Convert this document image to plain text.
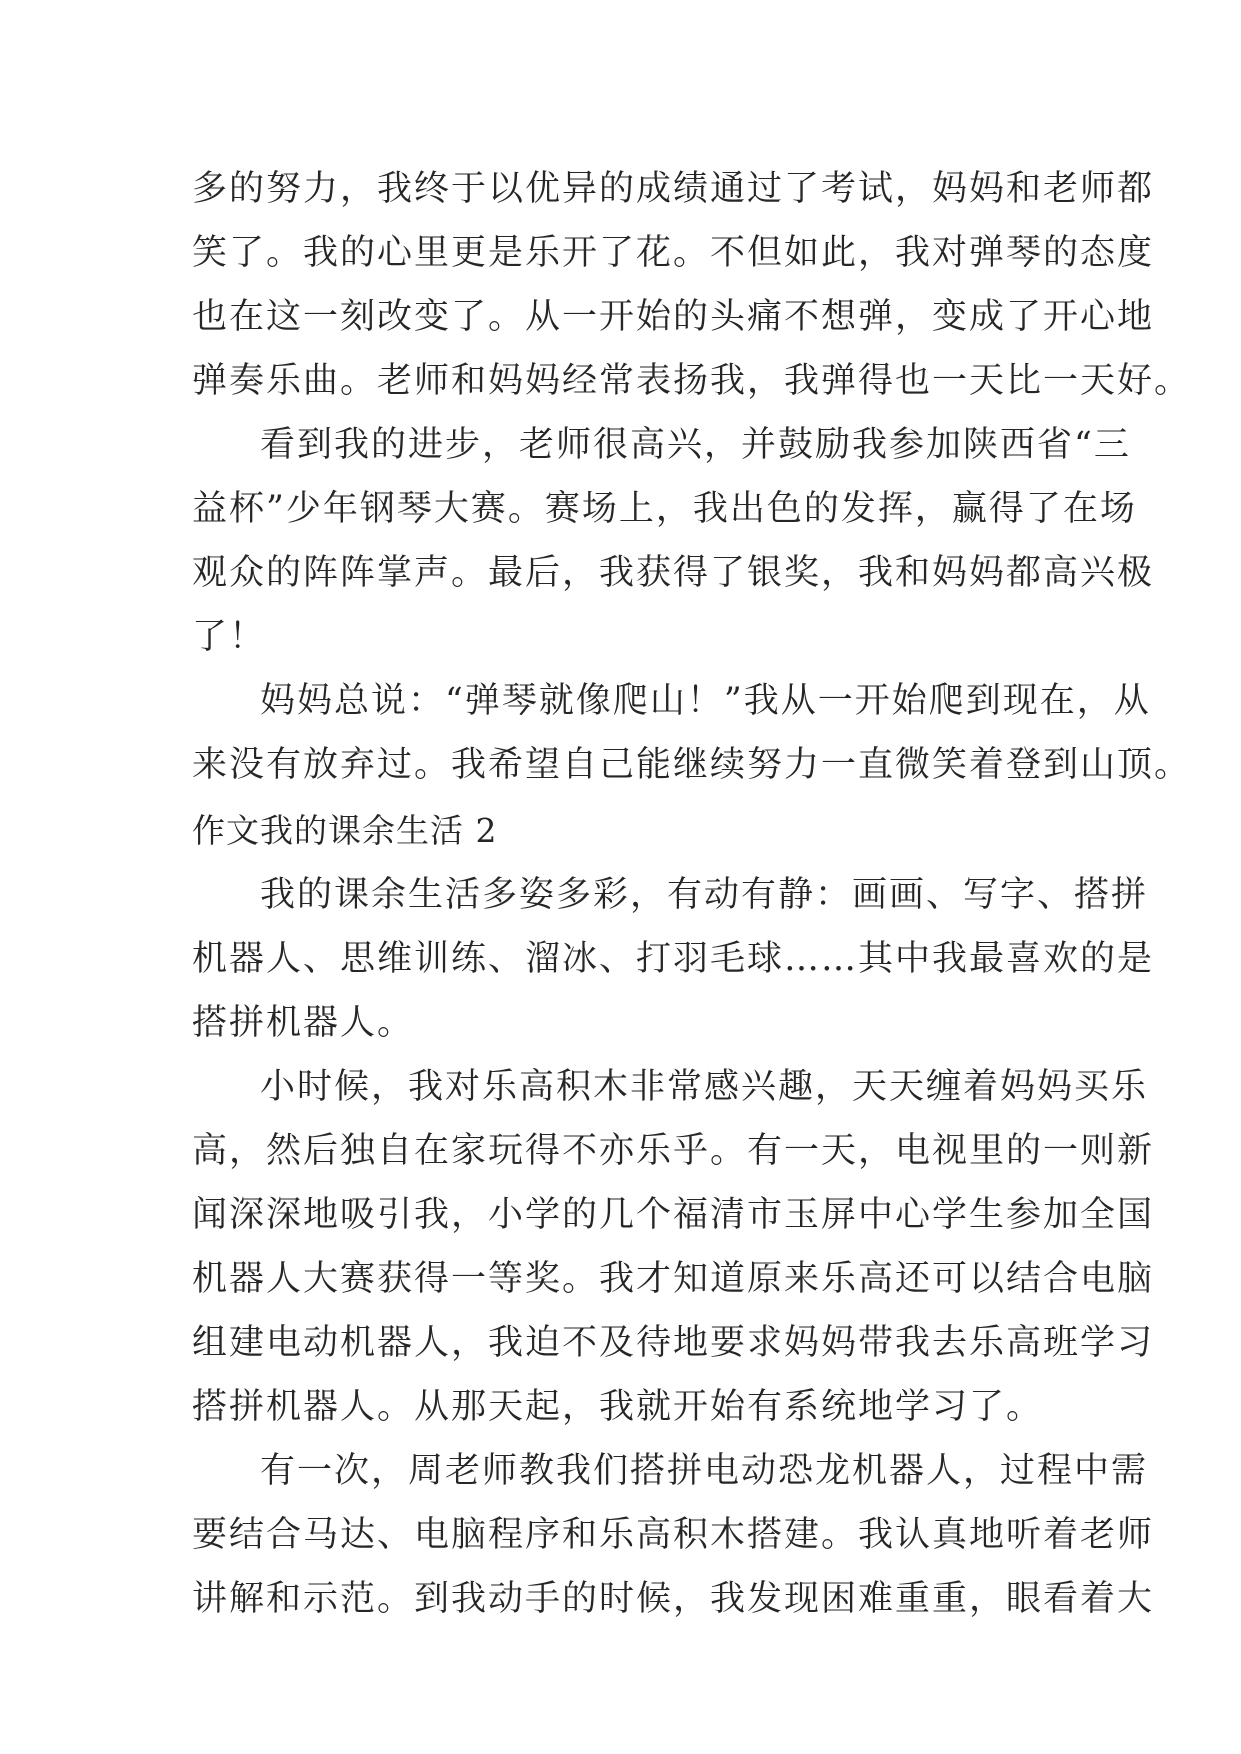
多的努力，我终于以优异的成绩通过了考试，妈妈和老师都
笑了。我的心里更是乐开了花。不但如此，我对弹琴的态度
也在这一刻改变了。从一开始的头痛不想弹，变成了开心地
弹奏乐曲。老师和妈妈经常表扬我，我弹得也一天比一天好。
看到我的进步，老师很高兴，并鼓励我参加陕西省“三
益杯”少年钢琴大赛。赛场上，我出色的发挥，赢得了在场
观众的阵阵掌声。最后，我获得了银奖，我和妈妈都高兴极
了！
妈妈总说：“弹琴就像爬山！”我从一开始爬到现在，从
来没有放弃过。我希望自己能继续努力一直微笑着登到山顶。
作文我的课余生活 2
我的课余生活多姿多彩，有动有静：画画、写字、搭拼
机器人、思维训练、溜冰、打羽毛球……其中我最喜欢的是
搭拼机器人。
小时候，我对乐高积木非常感兴趣，天天缠着妈妈买乐
高，然后独自在家玩得不亦乐乎。有一天，电视里的一则新
闻深深地吸引我，小学的几个福清市玉屏中心学生参加全国
机器人大赛获得一等奖。我才知道原来乐高还可以结合电脑
组建电动机器人，我迫不及待地要求妈妈带我去乐高班学习
搭拼机器人。从那天起，我就开始有系统地学习了。
有一次，周老师教我们搭拼电动恐龙机器人，过程中需
要结合马达、电脑程序和乐高积木搭建。我认真地听着老师
讲解和示范。到我动手的时候，我发现困难重重，眼看着大
